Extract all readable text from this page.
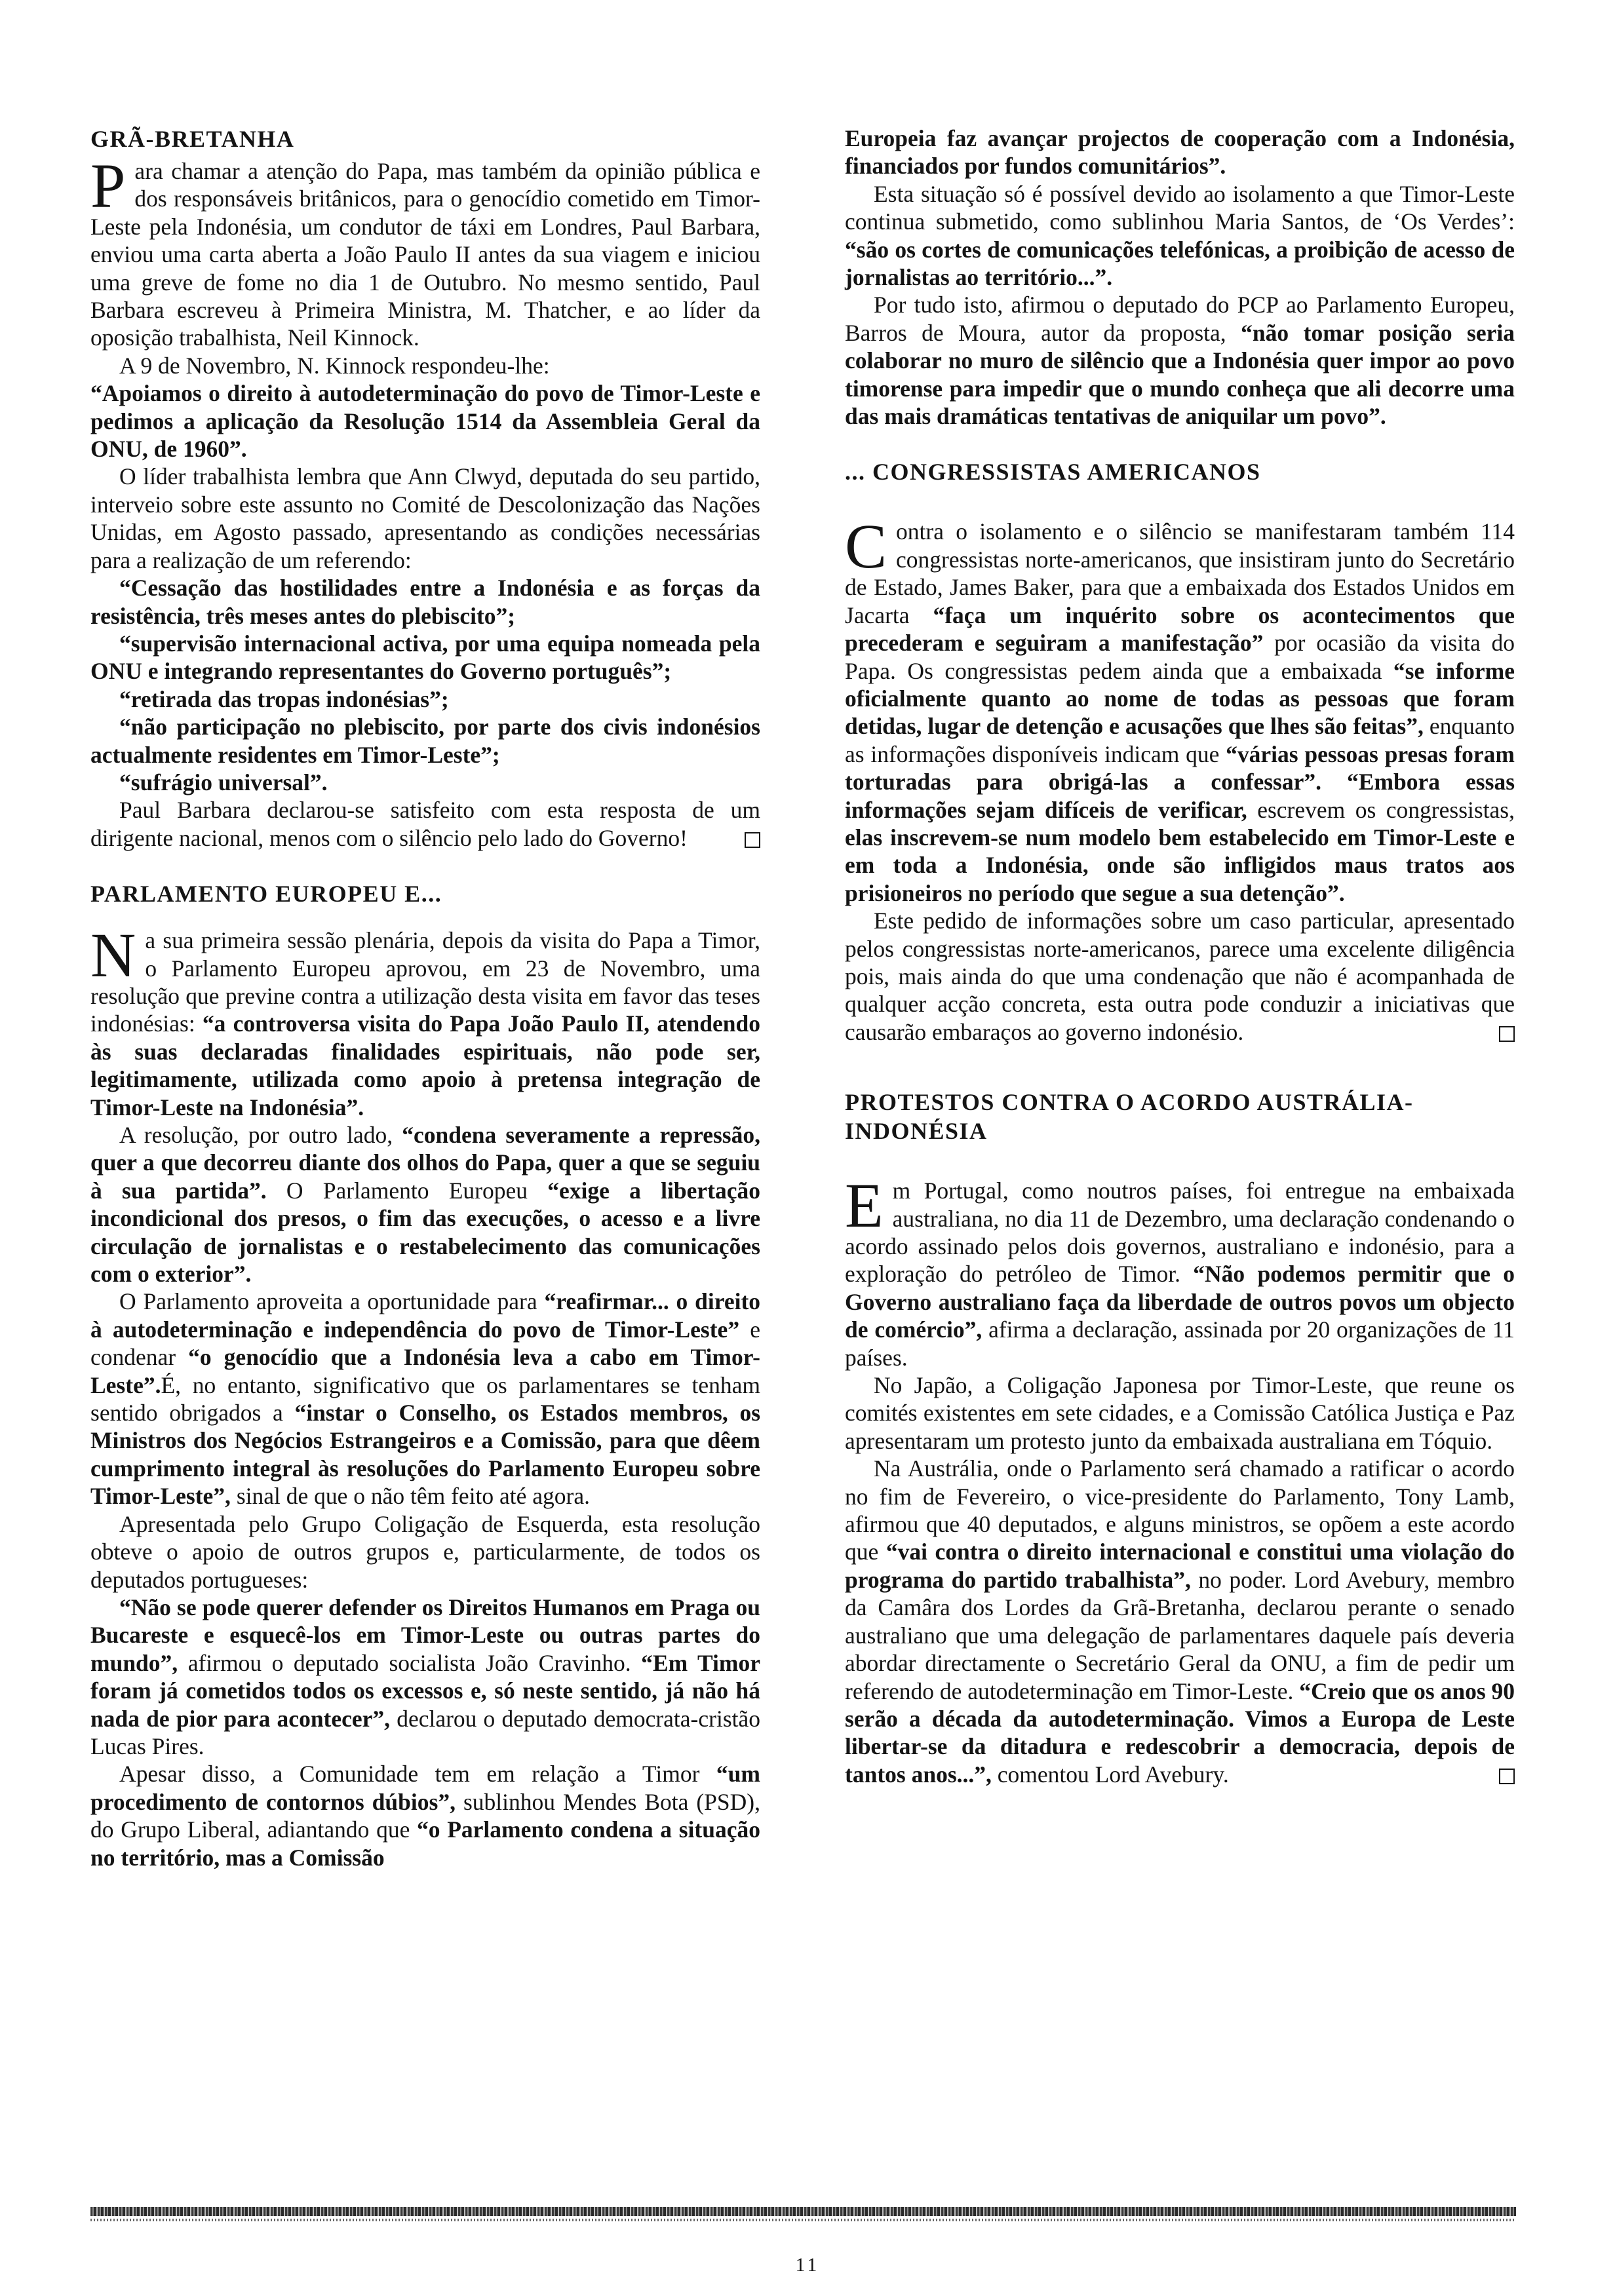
GRÃ-BRETANHA

Para chamar a atenção do Papa, mas também da opinião pública e dos responsáveis britânicos, para o genocídio cometido em Timor-Leste pela Indonésia, um condutor de táxi em Londres, Paul Barbara, enviou uma carta aberta a João Paulo II antes da sua viagem e iniciou uma greve de fome no dia 1 de Outubro. No mesmo sentido, Paul Barbara escreveu à Primeira Ministra, M. Thatcher, e ao líder da oposição trabalhista, Neil Kinnock.

A 9 de Novembro, N. Kinnock respondeu-lhe:

“Apoiamos o direito à autodeterminação do povo de Timor-Leste e pedimos a aplicação da Resolução 1514 da Assembleia Geral da ONU, de 1960”.

O líder trabalhista lembra que Ann Clwyd, deputada do seu partido, interveio sobre este assunto no Comité de Descolonização das Nações Unidas, em Agosto passado, apresentando as condições necessárias para a realização de um referendo:

“Cessação das hostilidades entre a Indonésia e as forças da resistência, três meses antes do plebiscito”;

“supervisão internacional activa, por uma equipa nomeada pela ONU e integrando representantes do Governo português”;

“retirada das tropas indonésias”;

“não participação no plebiscito, por parte dos civis indonésios actualmente residentes em Timor-Leste”;

“sufrágio universal”.

Paul Barbara declarou-se satisfeito com esta resposta de um dirigente nacional, menos com o silêncio pelo lado do Governo!

PARLAMENTO EUROPEU E...

Na sua primeira sessão plenária, depois da visita do Papa a Timor, o Parlamento Europeu aprovou, em 23 de Novembro, uma resolução que previne contra a utilização desta visita em favor das teses indonésias: “a controversa visita do Papa João Paulo II, atendendo às suas declaradas finalidades espirituais, não pode ser, legitimamente, utilizada como apoio à pretensa integração de Timor-Leste na Indonésia”.

A resolução, por outro lado, “condena severamente a repressão, quer a que decorreu diante dos olhos do Papa, quer a que se seguiu à sua partida”. O Parlamento Europeu “exige a libertação incondicional dos presos, o fim das execuções, o acesso e a livre circulação de jornalistas e o restabelecimento das comunicações com o exterior”.

O Parlamento aproveita a oportunidade para “reafirmar... o direito à autodeterminação e independência do povo de Timor-Leste” e condenar “o genocídio que a Indonésia leva a cabo em Timor-Leste”.É, no entanto, significativo que os parlamentares se tenham sentido obrigados a “instar o Conselho, os Estados membros, os Ministros dos Negócios Estrangeiros e a Comissão, para que dêem cumprimento integral às resoluções do Parlamento Europeu sobre Timor-Leste”, sinal de que o não têm feito até agora.

Apresentada pelo Grupo Coligação de Esquerda, esta resolução obteve o apoio de outros grupos e, particularmente, de todos os deputados portugueses:

“Não se pode querer defender os Direitos Humanos em Praga ou Bucareste e esquecê-los em Timor-Leste ou outras partes do mundo”, afirmou o deputado socialista João Cravinho. “Em Timor foram já cometidos todos os excessos e, só neste sentido, já não há nada de pior para acontecer”, declarou o deputado democrata-cristão Lucas Pires.

Apesar disso, a Comunidade tem em relação a Timor “um procedimento de contornos dúbios”, sublinhou Mendes Bota (PSD), do Grupo Liberal, adiantando que “o Parlamento condena a situação no território, mas a Comissão

Europeia faz avançar projectos de cooperação com a Indonésia, financiados por fundos comunitários”.

Esta situação só é possível devido ao isolamento a que Timor-Leste continua submetido, como sublinhou Maria Santos, de ‘Os Verdes’: “são os cortes de comunicações telefónicas, a proibição de acesso de jornalistas ao território...”.

Por tudo isto, afirmou o deputado do PCP ao Parlamento Europeu, Barros de Moura, autor da proposta, “não tomar posição seria colaborar no muro de silêncio que a Indonésia quer impor ao povo timorense para impedir que o mundo conheça que ali decorre uma das mais dramáticas tentativas de aniquilar um povo”.

... CONGRESSISTAS AMERICANOS

Contra o isolamento e o silêncio se manifestaram também 114 congressistas norte-americanos, que insistiram junto do Secretário de Estado, James Baker, para que a embaixada dos Estados Unidos em Jacarta “faça um inquérito sobre os acontecimentos que precederam e seguiram a manifestação” por ocasião da visita do Papa. Os congressistas pedem ainda que a embaixada “se informe oficialmente quanto ao nome de todas as pessoas que foram detidas, lugar de detenção e acusações que lhes são feitas”, enquanto as informações disponíveis indicam que “várias pessoas presas foram torturadas para obrigá-las a confessar”. “Embora essas informações sejam difíceis de verificar, escrevem os congressistas, elas inscrevem-se num modelo bem estabelecido em Timor-Leste e em toda a Indonésia, onde são infligidos maus tratos aos prisioneiros no período que segue a sua detenção”.

Este pedido de informações sobre um caso particular, apresentado pelos congressistas norte-americanos, parece uma excelente diligência pois, mais ainda do que uma condenação que não é acompanhada de qualquer acção concreta, esta outra pode conduzir a iniciativas que causarão embaraços ao governo indonésio.

PROTESTOS CONTRA O ACORDO AUSTRÁLIA-INDONÉSIA

Em Portugal, como noutros países, foi entregue na embaixada australiana, no dia 11 de Dezembro, uma declaração condenando o acordo assinado pelos dois governos, australiano e indonésio, para a exploração do petróleo de Timor. “Não podemos permitir que o Governo australiano faça da liberdade de outros povos um objecto de comércio”, afirma a declaração, assinada por 20 organizações de 11 países.

No Japão, a Coligação Japonesa por Timor-Leste, que reune os comités existentes em sete cidades, e a Comissão Católica Justiça e Paz apresentaram um protesto junto da embaixada australiana em Tóquio.

Na Austrália, onde o Parlamento será chamado a ratificar o acordo no fim de Fevereiro, o vice-presidente do Parlamento, Tony Lamb, afirmou que 40 deputados, e alguns ministros, se opõem a este acordo que “vai contra o direito internacional e constitui uma violação do programa do partido trabalhista”, no poder. Lord Avebury, membro da Camâra dos Lordes da Grã-Bretanha, declarou perante o senado australiano que uma delegação de parlamentares daquele país deveria abordar directamente o Secretário Geral da ONU, a fim de pedir um referendo de autodeterminação em Timor-Leste. “Creio que os anos 90 serão a década da autodeterminação. Vimos a Europa de Leste libertar-se da ditadura e redescobrir a democracia, depois de tantos anos...”, comentou Lord Avebury.

11
